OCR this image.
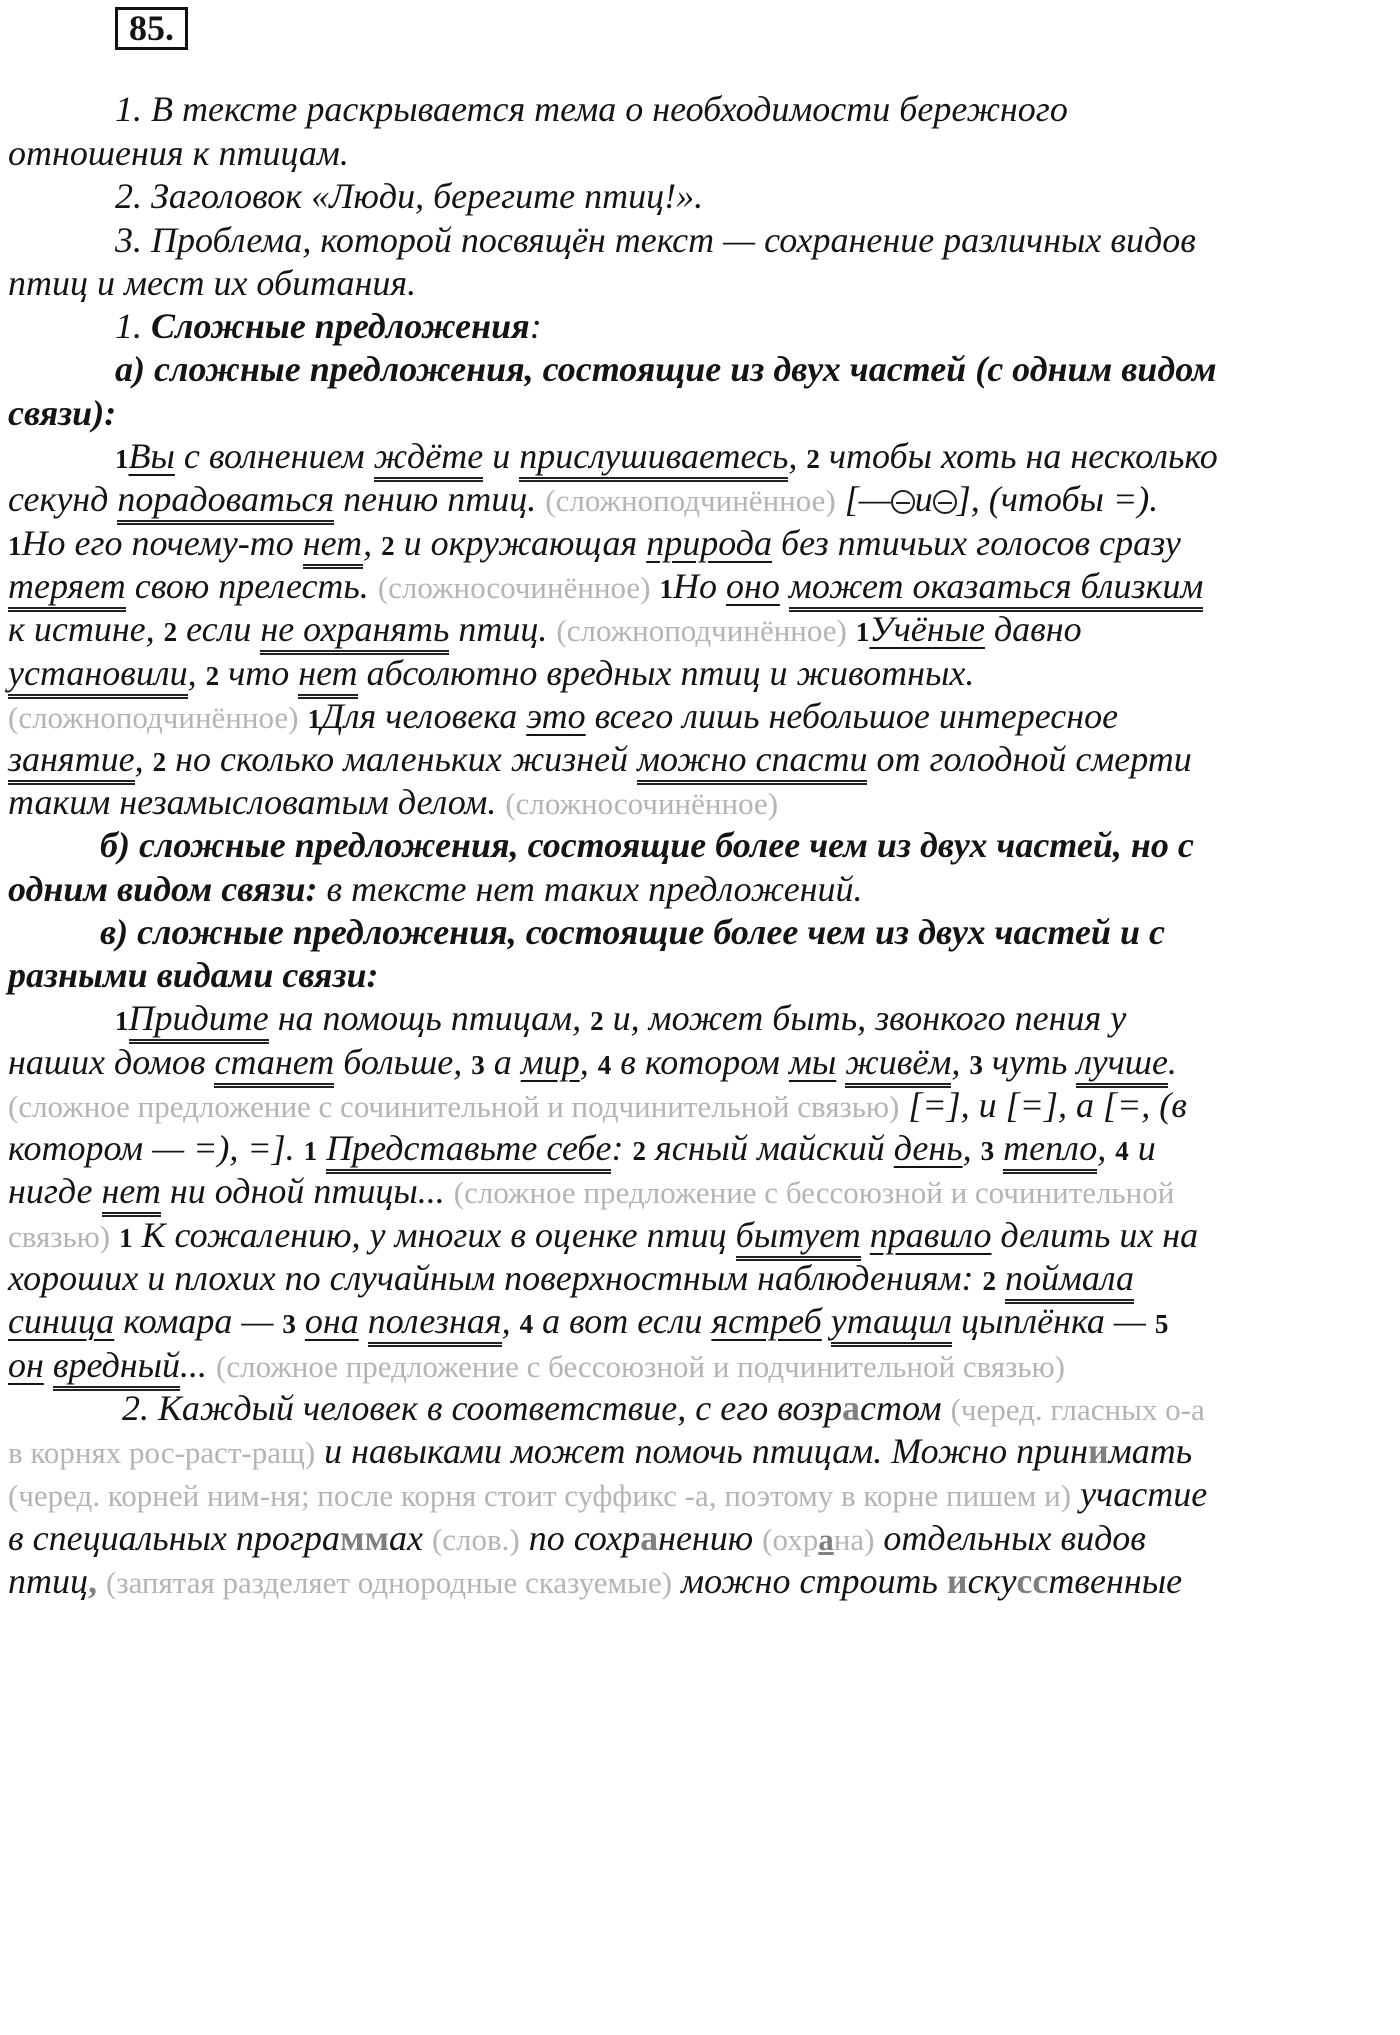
85.
1. В тексте раскрывается тема о необходимости бережного
отношения к птицам.
2. Заголовок «Люди, берегите птиц!».
3. Проблема, которой посвящён текст — сохранение различных видов
птиц и мест их обитания.
1. Сложные предложения:
а) сложные предложения, состоящие из двух частей (с одним видом
связи):
1Вы с волнением ждёте и прислушиваетесь, 2 чтобы хоть на несколько
секунд порадоваться пению птиц. (сложноподчинённое) [— и ], (чтобы =).
1Но его почему-то нет, 2 и окружающая природа без птичьих голосов сразу
теряет свою прелесть. (сложносочинённое) 1Но оно может оказаться близким
к истине, 2 если не охранять птиц. (сложноподчинённое) 1Учёные давно
установили, 2 что нет абсолютно вредных птиц и животных.
(сложноподчинённое) 1Для человека это всего лишь небольшое интересное
занятие, 2 но сколько маленьких жизней можно спасти от голодной смерти
таким незамысловатым делом. (сложносочинённое)
б) сложные предложения, состоящие более чем из двух частей, но с
одним видом связи: в тексте нет таких предложений.
в) сложные предложения, состоящие более чем из двух частей и с
разными видами связи:
1Придите на помощь птицам, 2 и, может быть, звонкого пения у
наших домов станет больше, 3 а мир, 4 в котором мы живём, 3 чуть лучше.
(сложное предложение с сочинительной и подчинительной связью) [=], и [=], а [=, (в
котором — =), =]. 1 Представьте себе: 2 ясный майский день, 3 тепло, 4 и
нигде нет ни одной птицы... (сложное предложение с бессоюзной и сочинительной
связью) 1 К сожалению, у многих в оценке птиц бытует правило делить их на
хороших и плохих по случайным поверхностным наблюдениям: 2 поймала
синица комара — 3 она полезная, 4 а вот если ястреб утащил цыплёнка — 5
он вредный... (сложное предложение с бессоюзной и подчинительной связью)
2. Каждый человек в соответствие, с его возрастом (черед. гласных о-а
в корнях рос-раст-ращ) и навыками может помочь птицам. Можно принимать
(черед. корней ним-ня; после корня стоит суффикс -а, поэтому в корне пишем и) участие
в специальных программах (слов.) по сохранению (охрана) отдельных видов
птиц, (запятая разделяет однородные сказуемые) можно строить искусственные
